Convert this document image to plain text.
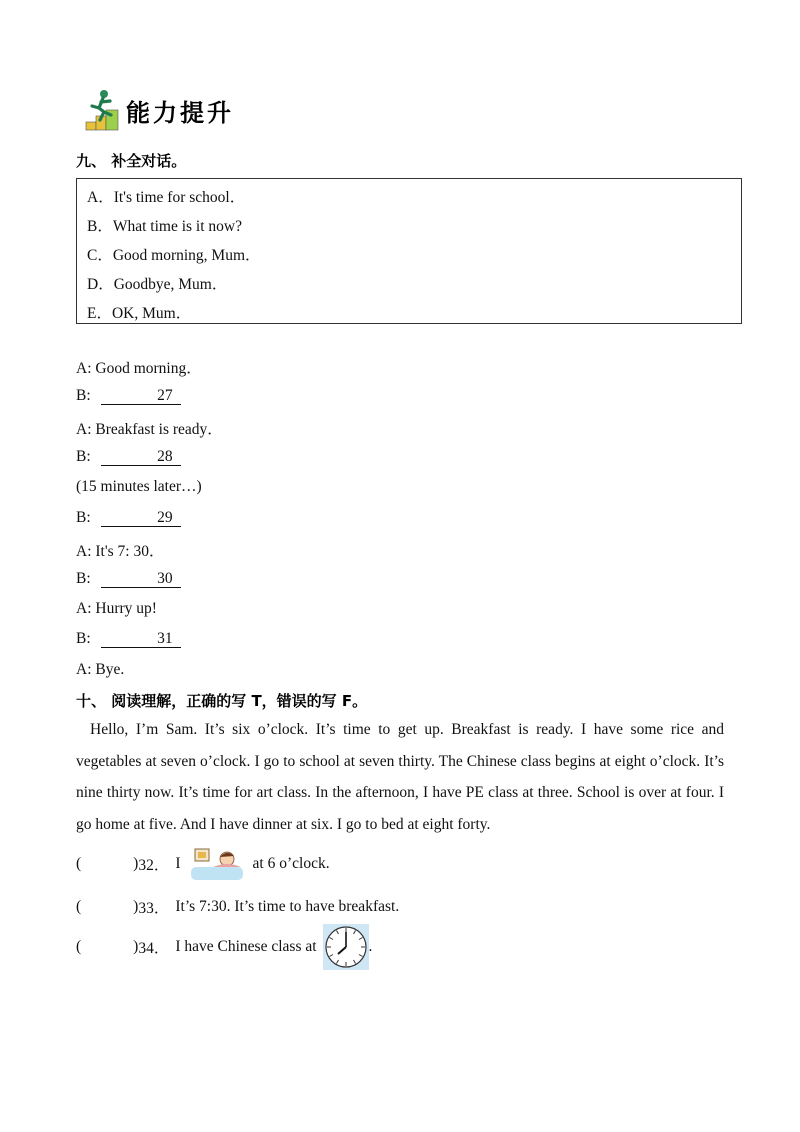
能力提升
九、 补全对话。
A．It's time for school．
B．What time is it now?
C．Good morning, Mum．
D．Goodbye, Mum．
E．OK, Mum．
A: Good morning．
B:	27
A: Breakfast is ready．
B:	28
(15 minutes later…)
B:	29
A: It's 7: 30．
B:	30
A: Hurry up!
B:	31
A: Bye.
十、 阅读理解，正确的写 T，错误的写 F。
Hello, I’m Sam. It’s six o’clock. It’s time to get up. Breakfast is ready. I have some rice and vegetables at seven o’clock. I go to school at seven thirty. The Chinese class begins at eight o’clock. It’s nine thirty now. It’s time for art class. In the afternoon, I have PE class at three. School is over at four. I go home at five. And I have dinner at six. I go to bed at eight forty.
(	) 32． I	at 6 o’clock.
(	) 33． It’s 7:30. It’s time to have breakfast.
(	) 34． I have Chinese class at	.
